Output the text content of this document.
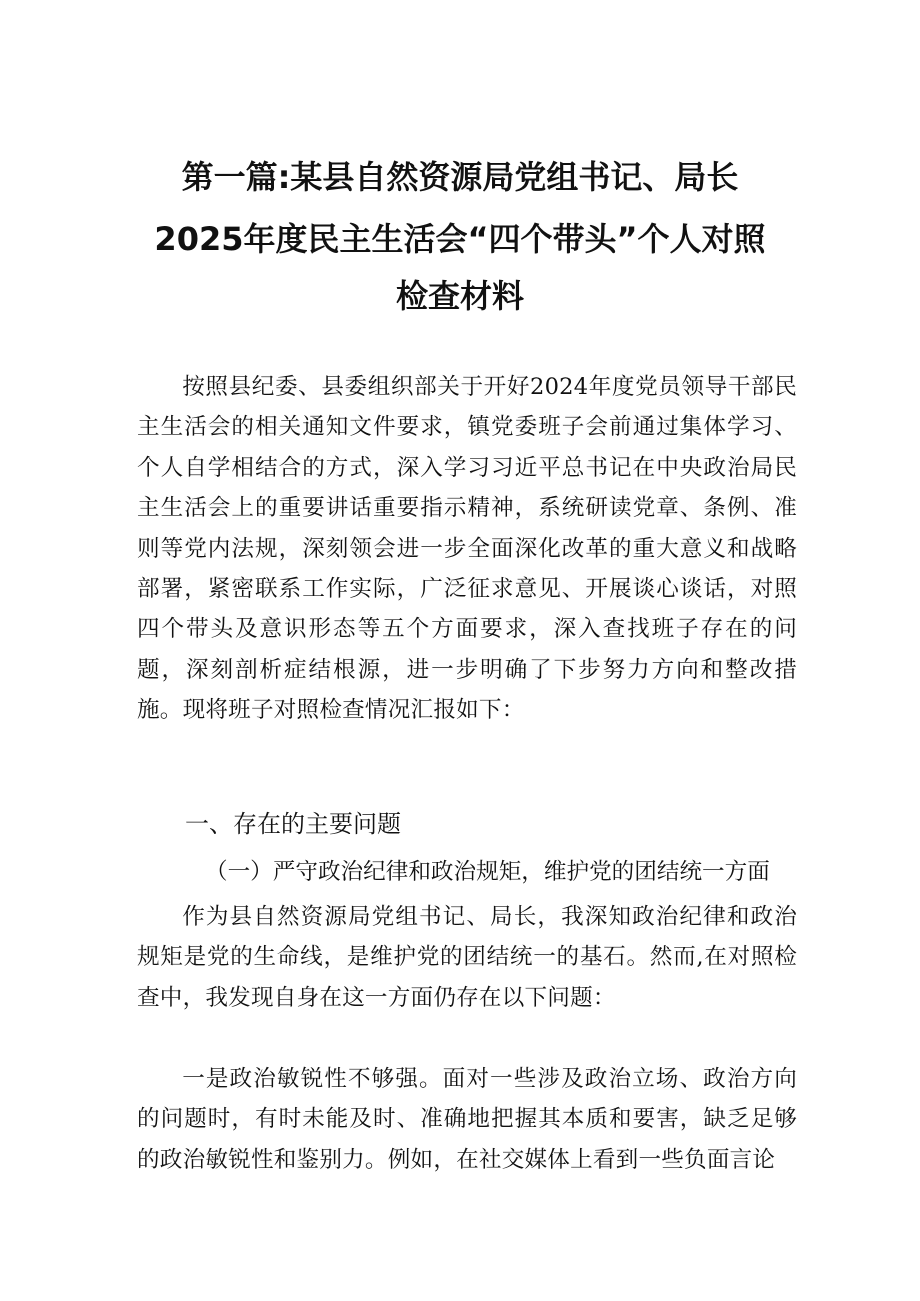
第一篇:某县自然资源局党组书记、局长
2025年度民主生活会“四个带头”个人对照
检查材料

按照县纪委、县委组织部关于开好2024年度党员领导干部民主生活会的相关通知文件要求，镇党委班子会前通过集体学习、个人自学相结合的方式，深入学习习近平总书记在中央政治局民主生活会上的重要讲话重要指示精神，系统研读党章、条例、准则等党内法规，深刻领会进一步全面深化改革的重大意义和战略部署，紧密联系工作实际，广泛征求意见、开展谈心谈话，对照四个带头及意识形态等五个方面要求，深入查找班子存在的问题，深刻剖析症结根源，进一步明确了下步努力方向和整改措施。现将班子对照检查情况汇报如下：

一、存在的主要问题

（一）严守政治纪律和政治规矩，维护党的团结统一方面

作为县自然资源局党组书记、局长，我深知政治纪律和政治规矩是党的生命线，是维护党的团结统一的基石。然而,在对照检查中，我发现自身在这一方面仍存在以下问题：

一是政治敏锐性不够强。面对一些涉及政治立场、政治方向的问题时，有时未能及时、准确地把握其本质和要害，缺乏足够的政治敏锐性和鉴别力。例如，在社交媒体上看到一些负面言论
